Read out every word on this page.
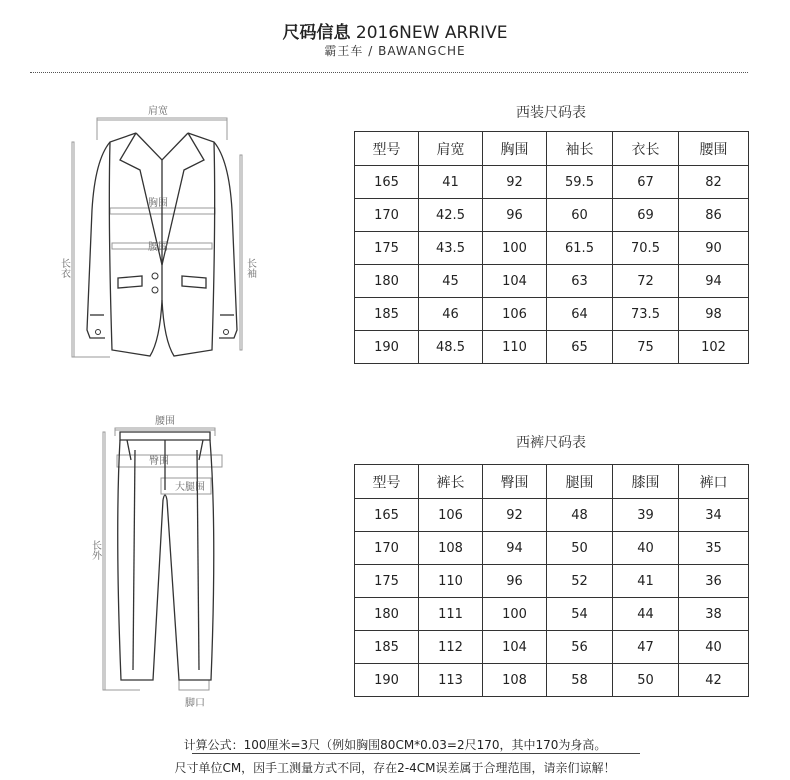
尺码信息 2016NEW ARRIVE
霸王车 / BAWANGCHE
肩宽
胸围
腰围
长衣	长袖
腰围
臀围
大腿围
长外
脚口
西装尺码表
型号	肩宽	胸围	袖长	衣长	腰围
165	41	92	59.5	67	82
170	42.5	96	60	69	86
175	43.5	100	61.5	70.5	90
180	45	104	63	72	94
185	46	106	64	73.5	98
190	48.5	110	65	75	102
西裤尺码表
型号	裤长	臀围	腿围	膝围	裤口
165	106	92	48	39	34
170	108	94	50	40	35
175	110	96	52	41	36
180	111	100	54	44	38
185	112	104	56	47	40
190	113	108	58	50	42
计算公式：100厘米=3尺（例如胸围80CM*0.03=2尺170，其中170为身高。
尺寸单位CM，因手工测量方式不同，存在2-4CM误差属于合理范围，请亲们谅解！
